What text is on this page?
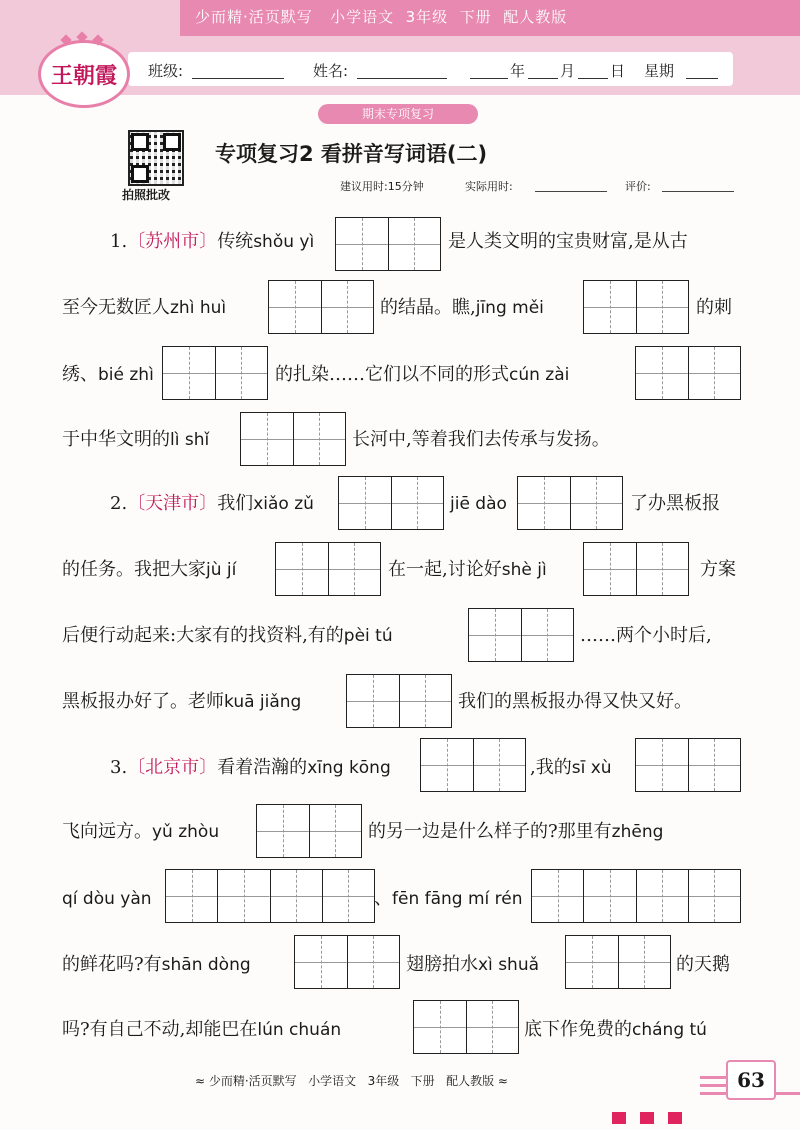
少而精·活页默写   小学语文  3年级  下册  配人教版
王朝霞 班级:	姓名:	年 月 日 星期
期末专项复习
拍照批改
专项复习2 看拼音写词语(二)
建议用时:15分钟	实际用时:	评价:
1.〔苏州市〕传统shǒu yì	是人类文明的宝贵财富,是从古
至今无数匠人zhì huì	的结晶。瞧,jīng měi	的刺
绣、bié zhì	的扎染……它们以不同的形式cún zài
于中华文明的lì shǐ	长河中,等着我们去传承与发扬。
2.〔天津市〕我们xiǎo zǔ	jiē dào	了办黑板报
的任务。我把大家jù jí	在一起,讨论好shè jì	方案
后便行动起来:大家有的找资料,有的pèi tú	……两个小时后,
黑板报办好了。老师kuā jiǎng	我们的黑板报办得又快又好。
3.〔北京市〕看着浩瀚的xīng kōng	,我的sī xù
飞向远方。yǔ zhòu	的另一边是什么样子的?那里有zhēng
qí dòu yàn	、fēn fāng mí rén
的鲜花吗?有shān dòng	翅膀拍水xì shuǎ	的天鹅
吗?有自己不动,却能巴在lún chuán	底下作免费的cháng tú
≈ 少而精·活页默写   小学语文   3年级   下册   配人教版 ≈	63
